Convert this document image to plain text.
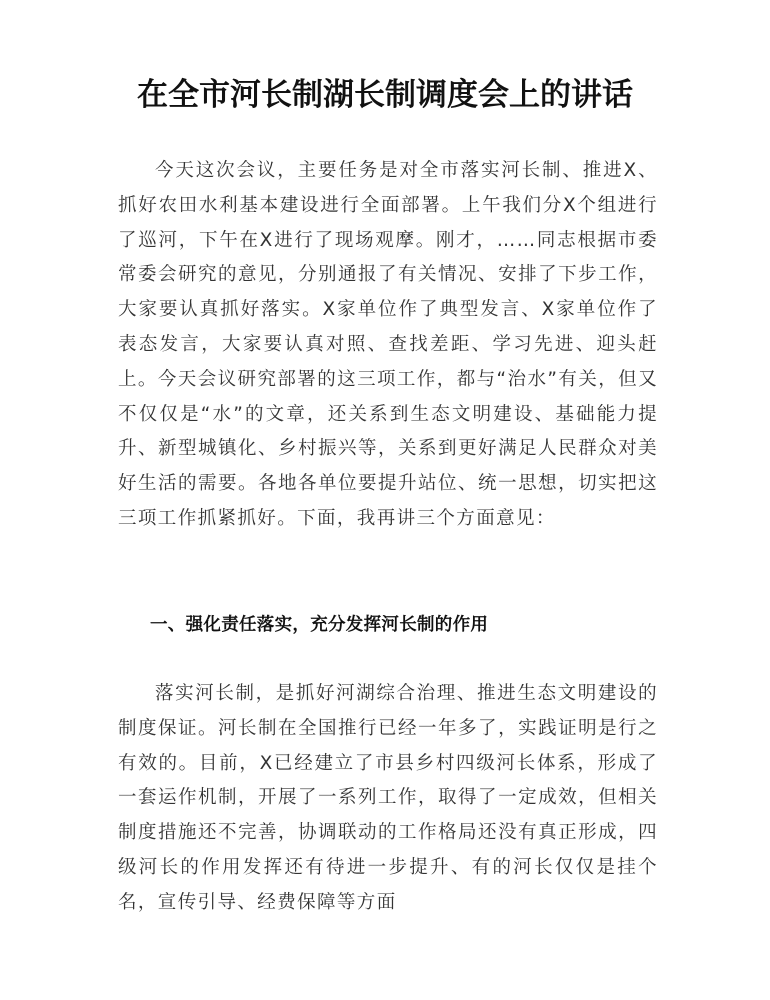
在全市河长制湖长制调度会上的讲话

今天这次会议，主要任务是对全市落实河长制、推进X、抓好农田水利基本建设进行全面部署。上午我们分X个组进行了巡河，下午在X进行了现场观摩。刚才，……同志根据市委常委会研究的意见，分别通报了有关情况、安排了下步工作，大家要认真抓好落实。X家单位作了典型发言、X家单位作了表态发言，大家要认真对照、查找差距、学习先进、迎头赶上。今天会议研究部署的这三项工作，都与“治水”有关，但又不仅仅是“水”的文章，还关系到生态文明建设、基础能力提升、新型城镇化、乡村振兴等，关系到更好满足人民群众对美好生活的需要。各地各单位要提升站位、统一思想，切实把这三项工作抓紧抓好。下面，我再讲三个方面意见：

一、强化责任落实，充分发挥河长制的作用

落实河长制，是抓好河湖综合治理、推进生态文明建设的制度保证。河长制在全国推行已经一年多了，实践证明是行之有效的。目前，X已经建立了市县乡村四级河长体系，形成了一套运作机制，开展了一系列工作，取得了一定成效，但相关制度措施还不完善，协调联动的工作格局还没有真正形成，四级河长的作用发挥还有待进一步提升、有的河长仅仅是挂个名，宣传引导、经费保障等方面
